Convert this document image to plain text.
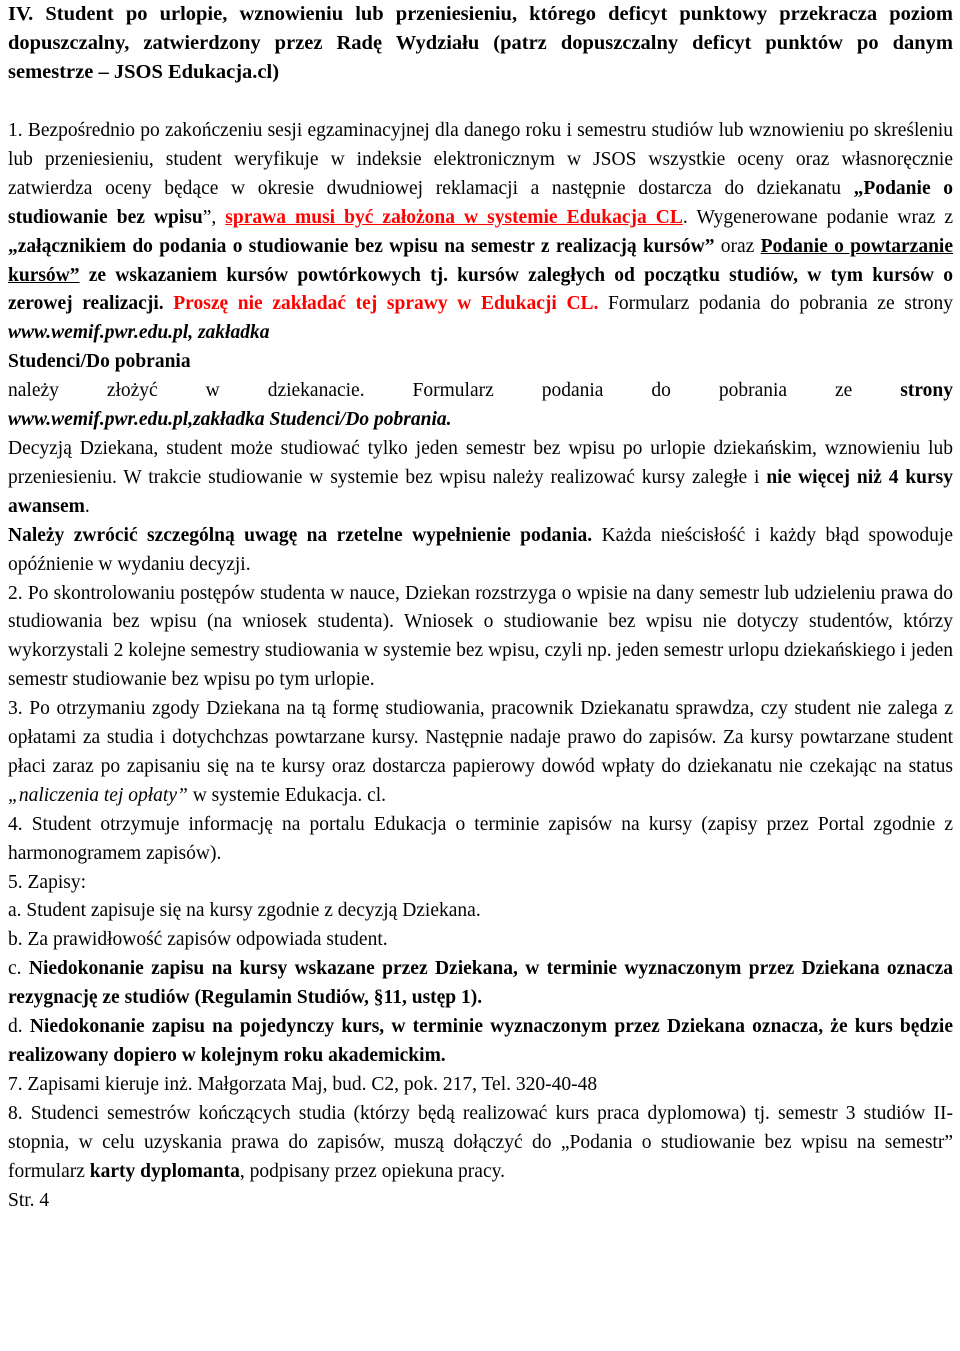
IV. Student po urlopie, wznowieniu lub przeniesieniu, którego deficyt punktowy przekracza poziom dopuszczalny, zatwierdzony przez Radę Wydziału (patrz dopuszczalny deficyt punktów po danym semestrze – JSOS Edukacja.cl)

1. Bezpośrednio po zakończeniu sesji egzaminacyjnej dla danego roku i semestru studiów lub wznowieniu po skreśleniu lub przeniesieniu, student weryfikuje w indeksie elektronicznym w JSOS wszystkie oceny oraz własnoręcznie zatwierdza oceny będące w okresie dwudniowej reklamacji a następnie dostarcza do dziekanatu „Podanie o studiowanie bez wpisu”, sprawa musi być założona w systemie Edukacja CL. Wygenerowane podanie wraz z „załącznikiem do podania o studiowanie bez wpisu na semestr z realizacją kursów” oraz Podanie o powtarzanie kursów” ze wskazaniem kursów powtórkowych tj. kursów zaległych od początku studiów, w tym kursów o zerowej realizacji. Proszę nie zakładać tej sprawy w Edukacji CL. Formularz podania do pobrania ze strony www.wemif.pwr.edu.pl, zakładka
Studenci/Do pobrania

należy złożyć w dziekanacie. Formularz podania do pobrania ze strony

www.wemif.pwr.edu.pl,zakładka Studenci/Do pobrania.

Decyzją Dziekana, student może studiować tylko jeden semestr bez wpisu po urlopie dziekańskim, wznowieniu lub przeniesieniu. W trakcie studiowanie w systemie bez wpisu należy realizować kursy zaległe i nie więcej niż 4 kursy awansem.

Należy zwrócić szczególną uwagę na rzetelne wypełnienie podania. Każda nieścisłość i każdy błąd spowoduje opóźnienie w wydaniu decyzji.

2. Po skontrolowaniu postępów studenta w nauce, Dziekan rozstrzyga o wpisie na dany semestr lub udzieleniu prawa do studiowania bez wpisu (na wniosek studenta). Wniosek o studiowanie bez wpisu nie dotyczy studentów, którzy wykorzystali 2 kolejne semestry studiowania w systemie bez wpisu, czyli np. jeden semestr urlopu dziekańskiego i jeden semestr studiowanie bez wpisu po tym urlopie.

3. Po otrzymaniu zgody Dziekana na tą formę studiowania, pracownik Dziekanatu sprawdza, czy student nie zalega z opłatami za studia i dotychchzas powtarzane kursy. Następnie nadaje prawo do zapisów. Za kursy powtarzane student płaci zaraz po zapisaniu się na te kursy oraz dostarcza papierowy dowód wpłaty do dziekanatu nie czekając na status „naliczenia tej opłaty” w systemie Edukacja. cl.

4. Student otrzymuje informację na portalu Edukacja o terminie zapisów na kursy (zapisy przez Portal zgodnie z harmonogramem zapisów).

5. Zapisy:

a. Student zapisuje się na kursy zgodnie z decyzją Dziekana.

b. Za prawidłowość zapisów odpowiada student.

c. Niedokonanie zapisu na kursy wskazane przez Dziekana, w terminie wyznaczonym przez Dziekana oznacza rezygnację ze studiów (Regulamin Studiów, §11, ustęp 1).

d. Niedokonanie zapisu na pojedynczy kurs, w terminie wyznaczonym przez Dziekana oznacza, że kurs będzie realizowany dopiero w kolejnym roku akademickim.

7. Zapisami kieruje inż. Małgorzata Maj, bud. C2, pok. 217, Tel. 320-40-48

8. Studenci semestrów kończących studia (którzy będą realizować kurs praca dyplomowa) tj. semestr 3 studiów II-stopnia, w celu uzyskania prawa do zapisów, muszą dołączyć do „Podania o studiowanie bez wpisu na semestr” formularz karty dyplomanta, podpisany przez opiekuna pracy.

Str. 4
